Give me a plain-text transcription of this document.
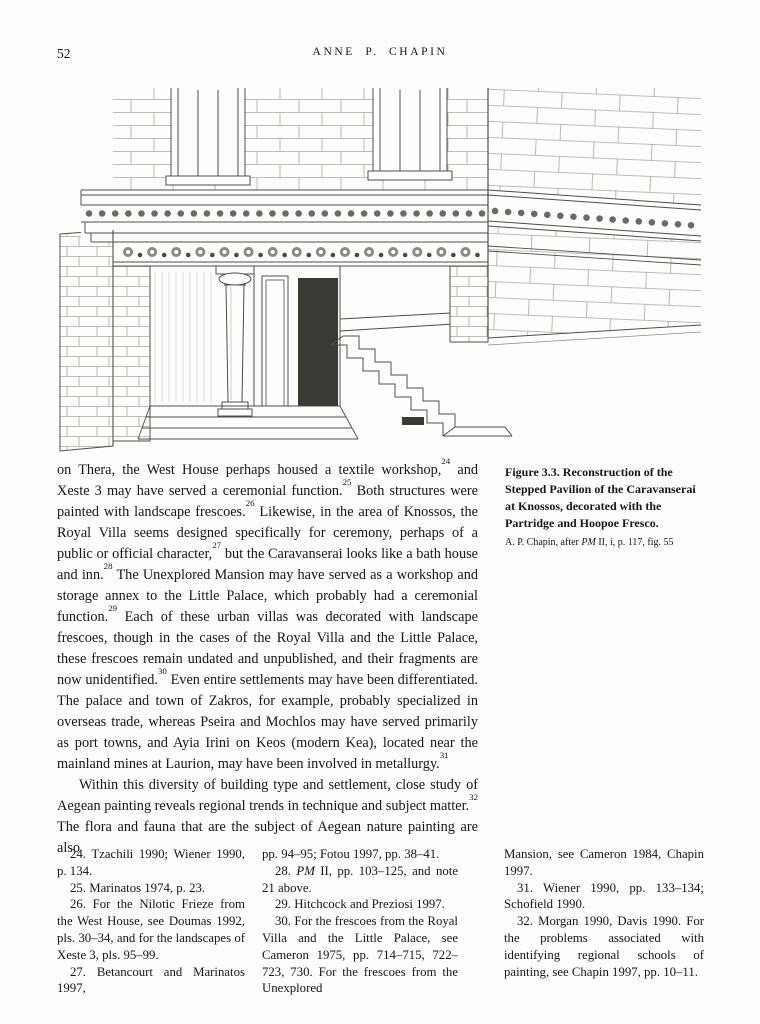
52	ANNE P. CHAPIN

on Thera, the West House perhaps housed a textile workshop,$^{24}$ and Xeste 3 may have served a ceremonial function.$^{25}$ Both structures were painted with landscape frescoes.$^{26}$ Likewise, in the area of Knossos, the Royal Villa seems designed specifically for ceremony, perhaps of a public or official character,$^{27}$ but the Caravanserai looks like a bath house and inn.$^{28}$ The Unexplored Mansion may have served as a workshop and storage annex to the Little Palace, which probably had a ceremonial function.$^{29}$ Each of these urban villas was decorated with landscape frescoes, though in the cases of the Royal Villa and the Little Palace, these frescoes remain undated and unpublished, and their fragments are now unidentified.$^{30}$ Even entire settlements may have been differentiated. The palace and town of Zakros, for example, probably specialized in overseas trade, whereas Pseira and Mochlos may have served primarily as port towns, and Ayia Irini on Keos (modern Kea), located near the mainland mines at Laurion, may have been involved in metallurgy.$^{31}$

Within this diversity of building type and settlement, close study of Aegean painting reveals regional trends in technique and subject matter.$^{32}$ The flora and fauna that are the subject of Aegean nature painting are also

Figure 3.3. Reconstruction of the Stepped Pavilion of the Caravanserai at Knossos, decorated with the Partridge and Hoopoe Fresco.

A. P. Chapin, after PM II, i, p. 117, fig. 55

24. Tzachili 1990; Wiener 1990, p. 134.

25. Marinatos 1974, p. 23.

26. For the Nilotic Frieze from the West House, see Doumas 1992, pls. 30–34, and for the landscapes of Xeste 3, pls. 95–99.

27. Betancourt and Marinatos 1997,

pp. 94–95; Fotou 1997, pp. 38–41.

28. PM II, pp. 103–125, and note 21 above.

29. Hitchcock and Preziosi 1997.

30. For the frescoes from the Royal Villa and the Little Palace, see Cameron 1975, pp. 714–715, 722–723, 730. For the frescoes from the Unexplored

Mansion, see Cameron 1984, Chapin 1997.

31. Wiener 1990, pp. 133–134; Schofield 1990.

32. Morgan 1990, Davis 1990. For the problems associated with identifying regional schools of painting, see Chapin 1997, pp. 10–11.
